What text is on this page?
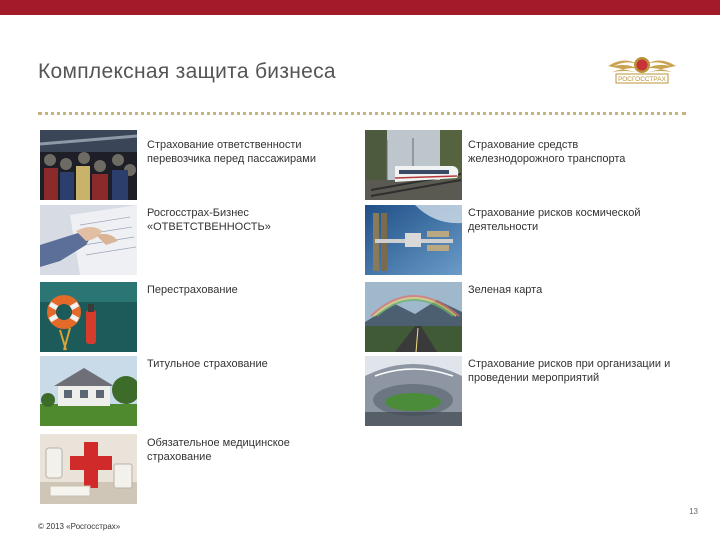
Комплексная защита бизнеса	РОСГОССТРАХ
Страхование ответственности
перевозчика перед пассажирами
Страхование средств
железнодорожного транспорта
Росгосстрах-Бизнес
«ОТВЕТСТВЕННОСТЬ»
Страхование рисков космической
деятельности
Перестрахование	Зеленая карта
Титульное страхование	Страхование рисков при организации и
проведении мероприятий
Обязательное медицинское
страхование
13
© 2013 «Росгосстрах»
